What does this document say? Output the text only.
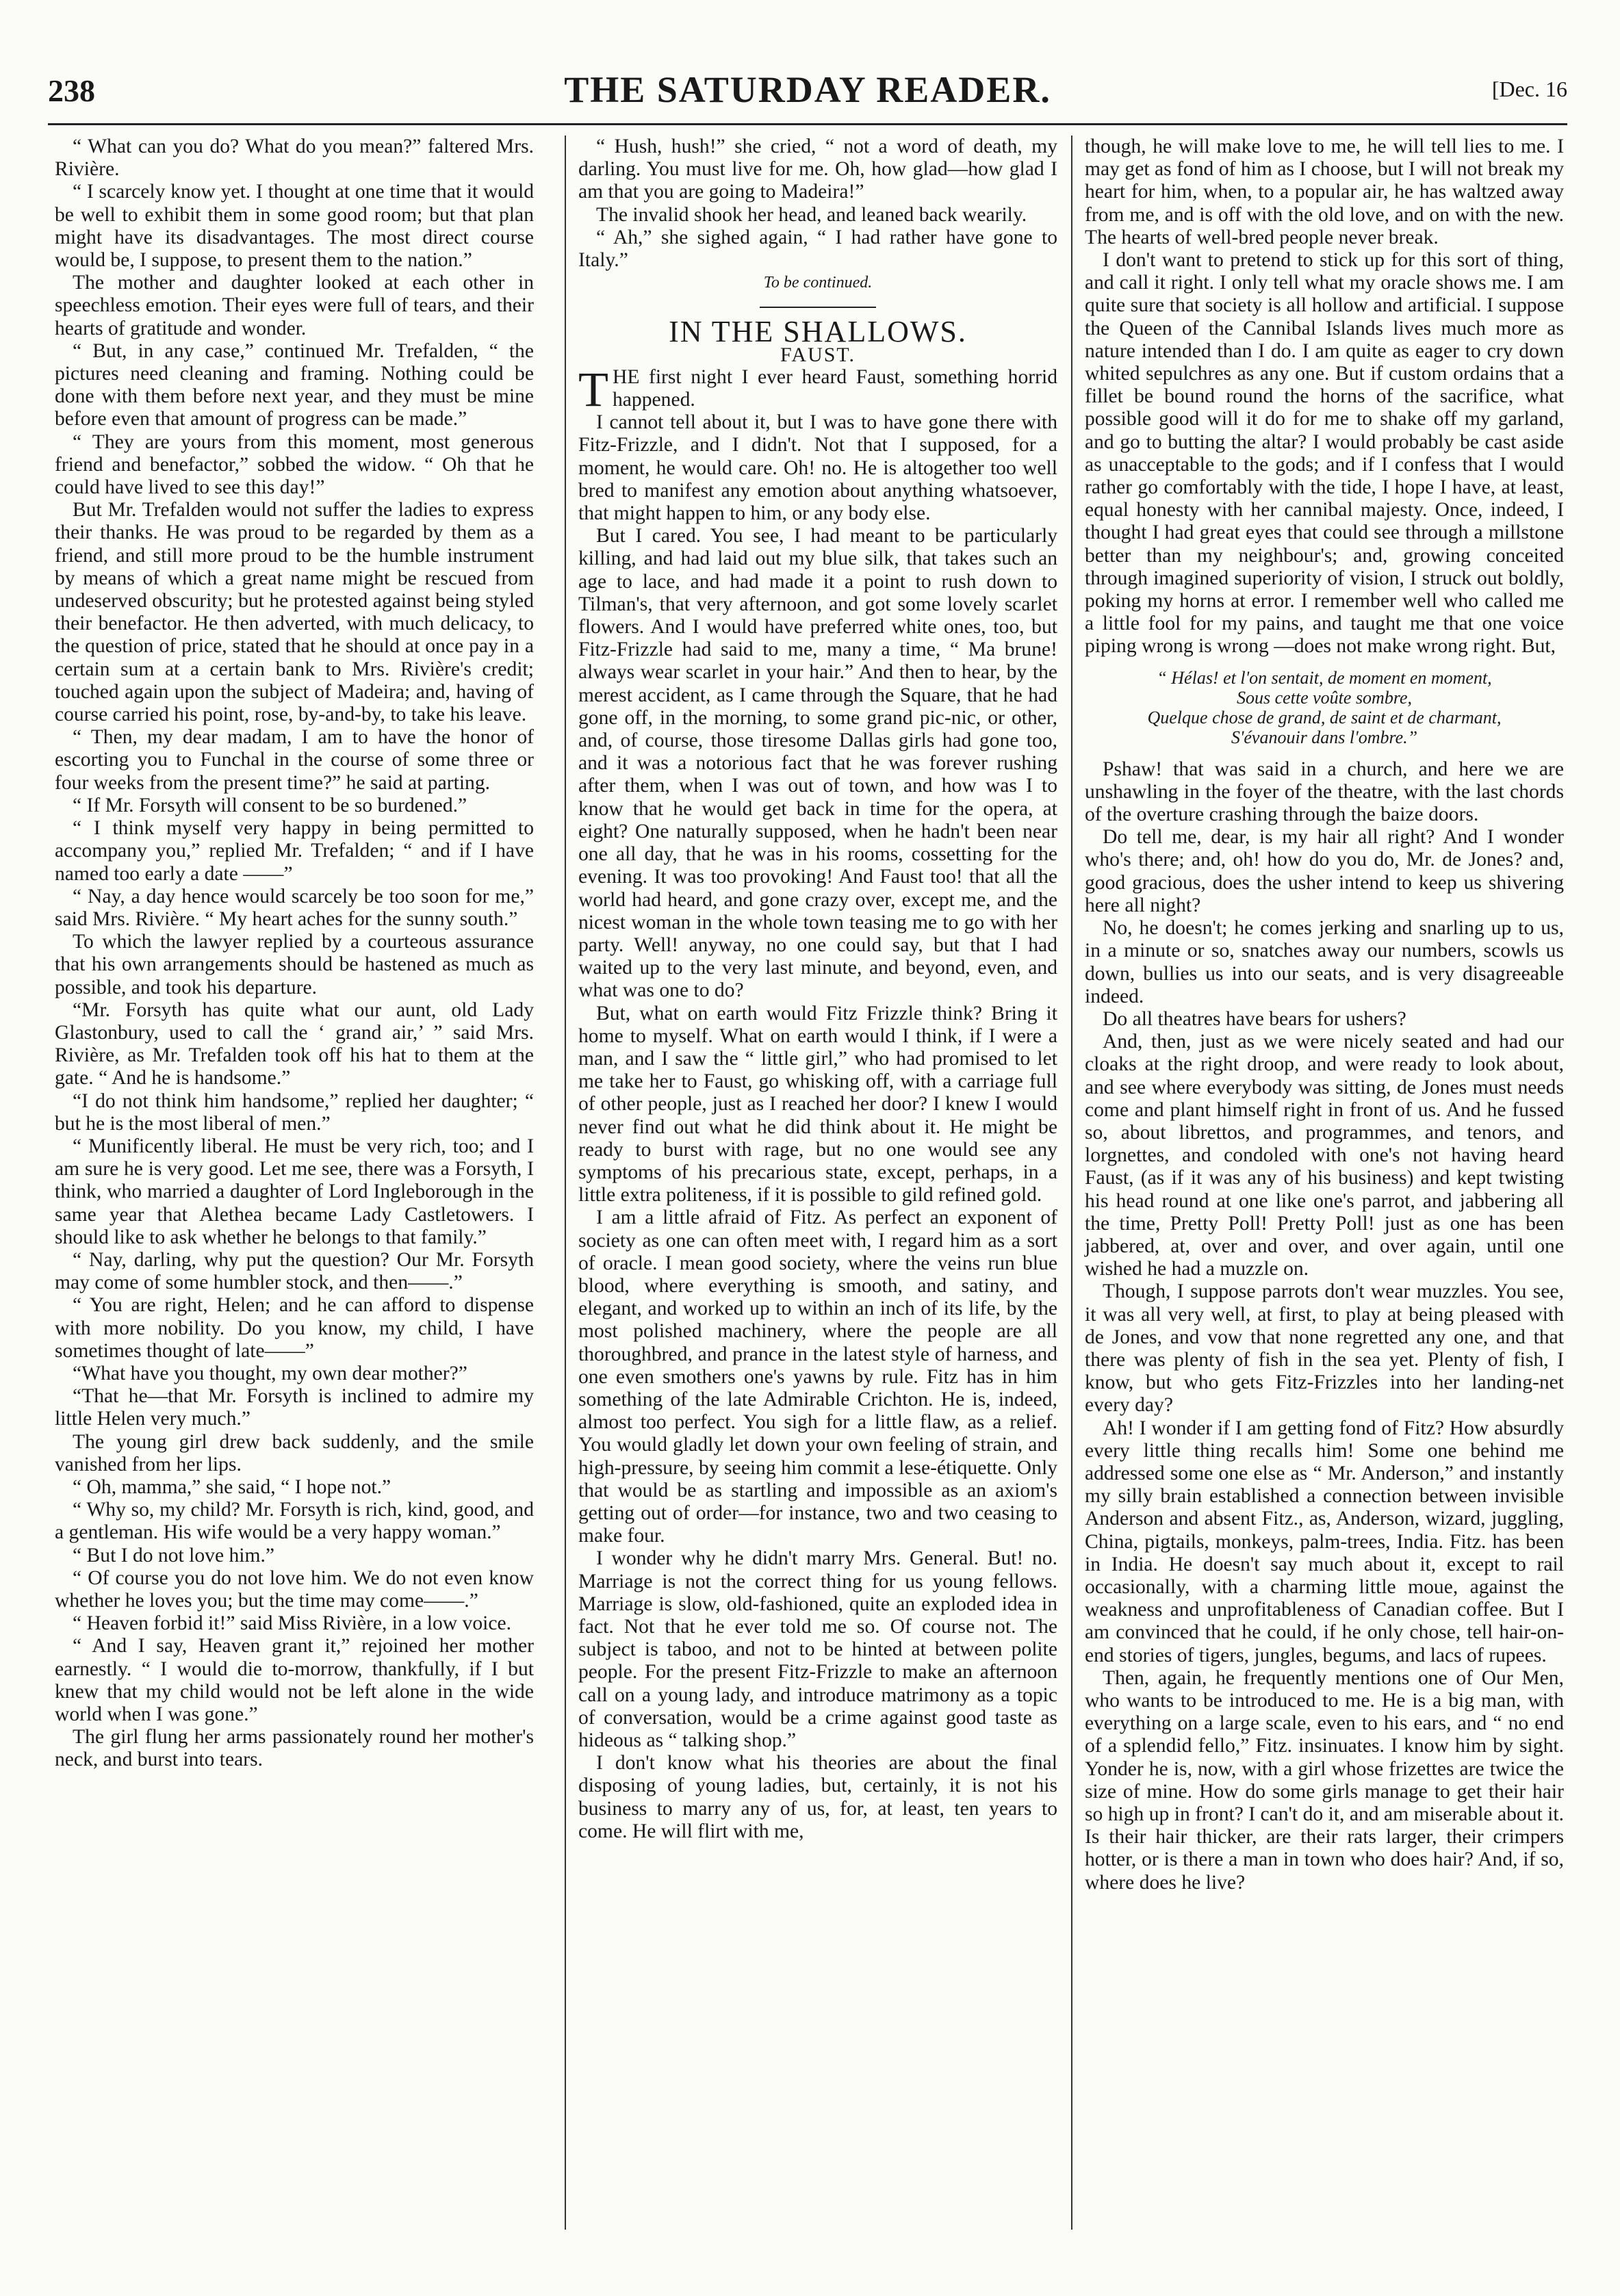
238	THE SATURDAY READER.	[Dec. 16

“ What can you do? What do you mean?” faltered Mrs. Rivière.

“ I scarcely know yet. I thought at one time that it would be well to exhibit them in some good room; but that plan might have its disadvantages. The most direct course would be, I suppose, to present them to the nation.”

The mother and daughter looked at each other in speechless emotion. Their eyes were full of tears, and their hearts of gratitude and wonder.

“ But, in any case,” continued Mr. Trefalden, “ the pictures need cleaning and framing. Nothing could be done with them before next year, and they must be mine before even that amount of progress can be made.”

“ They are yours from this moment, most generous friend and benefactor,” sobbed the widow. “ Oh that he could have lived to see this day!”

But Mr. Trefalden would not suffer the ladies to express their thanks. He was proud to be regarded by them as a friend, and still more proud to be the humble instrument by means of which a great name might be rescued from undeserved obscurity; but he protested against being styled their benefactor. He then adverted, with much delicacy, to the question of price, stated that he should at once pay in a certain sum at a certain bank to Mrs. Rivière's credit; touched again upon the subject of Madeira; and, having of course carried his point, rose, by-and-by, to take his leave.

“ Then, my dear madam, I am to have the honor of escorting you to Funchal in the course of some three or four weeks from the present time?” he said at parting.

“ If Mr. Forsyth will consent to be so burdened.”

“ I think myself very happy in being permitted to accompany you,” replied Mr. Trefalden; “ and if I have named too early a date ——”

“ Nay, a day hence would scarcely be too soon for me,” said Mrs. Rivière. “ My heart aches for the sunny south.”

To which the lawyer replied by a courteous assurance that his own arrangements should be hastened as much as possible, and took his departure.

“Mr. Forsyth has quite what our aunt, old Lady Glastonbury, used to call the ‘ grand air,’ ” said Mrs. Rivière, as Mr. Trefalden took off his hat to them at the gate. “ And he is handsome.”

“I do not think him handsome,” replied her daughter; “ but he is the most liberal of men.”

“ Munificently liberal. He must be very rich, too; and I am sure he is very good. Let me see, there was a Forsyth, I think, who married a daughter of Lord Ingleborough in the same year that Alethea became Lady Castletowers. I should like to ask whether he belongs to that family.”

“ Nay, darling, why put the question? Our Mr. Forsyth may come of some humbler stock, and then——.”

“ You are right, Helen; and he can afford to dispense with more nobility. Do you know, my child, I have sometimes thought of late——”

“What have you thought, my own dear mother?”

“That he—that Mr. Forsyth is inclined to admire my little Helen very much.”

The young girl drew back suddenly, and the smile vanished from her lips.

“ Oh, mamma,” she said, “ I hope not.”

“ Why so, my child? Mr. Forsyth is rich, kind, good, and a gentleman. His wife would be a very happy woman.”

“ But I do not love him.”

“ Of course you do not love him. We do not even know whether he loves you; but the time may come——.”

“ Heaven forbid it!” said Miss Rivière, in a low voice.

“ And I say, Heaven grant it,” rejoined her mother earnestly. “ I would die to-morrow, thankfully, if I but knew that my child would not be left alone in the wide world when I was gone.”

The girl flung her arms passionately round her mother's neck, and burst into tears.

“ Hush, hush!” she cried, “ not a word of death, my darling. You must live for me. Oh, how glad—how glad I am that you are going to Madeira!”

The invalid shook her head, and leaned back wearily.

“ Ah,” she sighed again, “ I had rather have gone to Italy.”

To be continued.

IN THE SHALLOWS.

FAUST.

THE first night I ever heard Faust, something horrid happened.

I cannot tell about it, but I was to have gone there with Fitz-Frizzle, and I didn't. Not that I supposed, for a moment, he would care. Oh! no. He is altogether too well bred to manifest any emotion about anything whatsoever, that might happen to him, or any body else.

But I cared. You see, I had meant to be particularly killing, and had laid out my blue silk, that takes such an age to lace, and had made it a point to rush down to Tilman's, that very afternoon, and got some lovely scarlet flowers. And I would have preferred white ones, too, but Fitz-Frizzle had said to me, many a time, “ Ma brune! always wear scarlet in your hair.” And then to hear, by the merest accident, as I came through the Square, that he had gone off, in the morning, to some grand pic-nic, or other, and, of course, those tiresome Dallas girls had gone too, and it was a notorious fact that he was forever rushing after them, when I was out of town, and how was I to know that he would get back in time for the opera, at eight? One naturally supposed, when he hadn't been near one all day, that he was in his rooms, cossetting for the evening. It was too provoking! And Faust too! that all the world had heard, and gone crazy over, except me, and the nicest woman in the whole town teasing me to go with her party. Well! anyway, no one could say, but that I had waited up to the very last minute, and beyond, even, and what was one to do?

But, what on earth would Fitz Frizzle think? Bring it home to myself. What on earth would I think, if I were a man, and I saw the “ little girl,” who had promised to let me take her to Faust, go whisking off, with a carriage full of other people, just as I reached her door? I knew I would never find out what he did think about it. He might be ready to burst with rage, but no one would see any symptoms of his precarious state, except, perhaps, in a little extra politeness, if it is possible to gild refined gold.

I am a little afraid of Fitz. As perfect an exponent of society as one can often meet with, I regard him as a sort of oracle. I mean good society, where the veins run blue blood, where everything is smooth, and satiny, and elegant, and worked up to within an inch of its life, by the most polished machinery, where the people are all thoroughbred, and prance in the latest style of harness, and one even smothers one's yawns by rule. Fitz has in him something of the late Admirable Crichton. He is, indeed, almost too perfect. You sigh for a little flaw, as a relief. You would gladly let down your own feeling of strain, and high-pressure, by seeing him commit a lese-étiquette. Only that would be as startling and impossible as an axiom's getting out of order—for instance, two and two ceasing to make four.

I wonder why he didn't marry Mrs. General. But! no. Marriage is not the correct thing for us young fellows. Marriage is slow, old-fashioned, quite an exploded idea in fact. Not that he ever told me so. Of course not. The subject is taboo, and not to be hinted at between polite people. For the present Fitz-Frizzle to make an afternoon call on a young lady, and introduce matrimony as a topic of conversation, would be a crime against good taste as hideous as “ talking shop.”

I don't know what his theories are about the final disposing of young ladies, but, certainly, it is not his business to marry any of us, for, at least, ten years to come. He will flirt with me,

though, he will make love to me, he will tell lies to me. I may get as fond of him as I choose, but I will not break my heart for him, when, to a popular air, he has waltzed away from me, and is off with the old love, and on with the new. The hearts of well-bred people never break.

I don't want to pretend to stick up for this sort of thing, and call it right. I only tell what my oracle shows me. I am quite sure that society is all hollow and artificial. I suppose the Queen of the Cannibal Islands lives much more as nature intended than I do. I am quite as eager to cry down whited sepulchres as any one. But if custom ordains that a fillet be bound round the horns of the sacrifice, what possible good will it do for me to shake off my garland, and go to butting the altar? I would probably be cast aside as unacceptable to the gods; and if I confess that I would rather go comfortably with the tide, I hope I have, at least, equal honesty with her cannibal majesty. Once, indeed, I thought I had great eyes that could see through a millstone better than my neighbour's; and, growing conceited through imagined superiority of vision, I struck out boldly, poking my horns at error. I remember well who called me a little fool for my pains, and taught me that one voice piping wrong is wrong —does not make wrong right. But,

“ Hélas! et l'on sentait, de moment en moment,
Sous cette voûte sombre,
Quelque chose de grand, de saint et de charmant,
S'évanouir dans l'ombre.”

Pshaw! that was said in a church, and here we are unshawling in the foyer of the theatre, with the last chords of the overture crashing through the baize doors.

Do tell me, dear, is my hair all right? And I wonder who's there; and, oh! how do you do, Mr. de Jones? and, good gracious, does the usher intend to keep us shivering here all night?

No, he doesn't; he comes jerking and snarling up to us, in a minute or so, snatches away our numbers, scowls us down, bullies us into our seats, and is very disagreeable indeed.

Do all theatres have bears for ushers?

And, then, just as we were nicely seated and had our cloaks at the right droop, and were ready to look about, and see where everybody was sitting, de Jones must needs come and plant himself right in front of us. And he fussed so, about librettos, and programmes, and tenors, and lorgnettes, and condoled with one's not having heard Faust, (as if it was any of his business) and kept twisting his head round at one like one's parrot, and jabbering all the time, Pretty Poll! Pretty Poll! just as one has been jabbered, at, over and over, and over again, until one wished he had a muzzle on.

Though, I suppose parrots don't wear muzzles. You see, it was all very well, at first, to play at being pleased with de Jones, and vow that none regretted any one, and that there was plenty of fish in the sea yet. Plenty of fish, I know, but who gets Fitz-Frizzles into her landing-net every day?

Ah! I wonder if I am getting fond of Fitz? How absurdly every little thing recalls him! Some one behind me addressed some one else as “ Mr. Anderson,” and instantly my silly brain established a connection between invisible Anderson and absent Fitz., as, Anderson, wizard, juggling, China, pigtails, monkeys, palm-trees, India. Fitz. has been in India. He doesn't say much about it, except to rail occasionally, with a charming little moue, against the weakness and unprofitableness of Canadian coffee. But I am convinced that he could, if he only chose, tell hair-on-end stories of tigers, jungles, begums, and lacs of rupees.

Then, again, he frequently mentions one of Our Men, who wants to be introduced to me. He is a big man, with everything on a large scale, even to his ears, and “ no end of a splendid fello,” Fitz. insinuates. I know him by sight. Yonder he is, now, with a girl whose frizettes are twice the size of mine. How do some girls manage to get their hair so high up in front? I can't do it, and am miserable about it. Is their hair thicker, are their rats larger, their crimpers hotter, or is there a man in town who does hair? And, if so, where does he live?
